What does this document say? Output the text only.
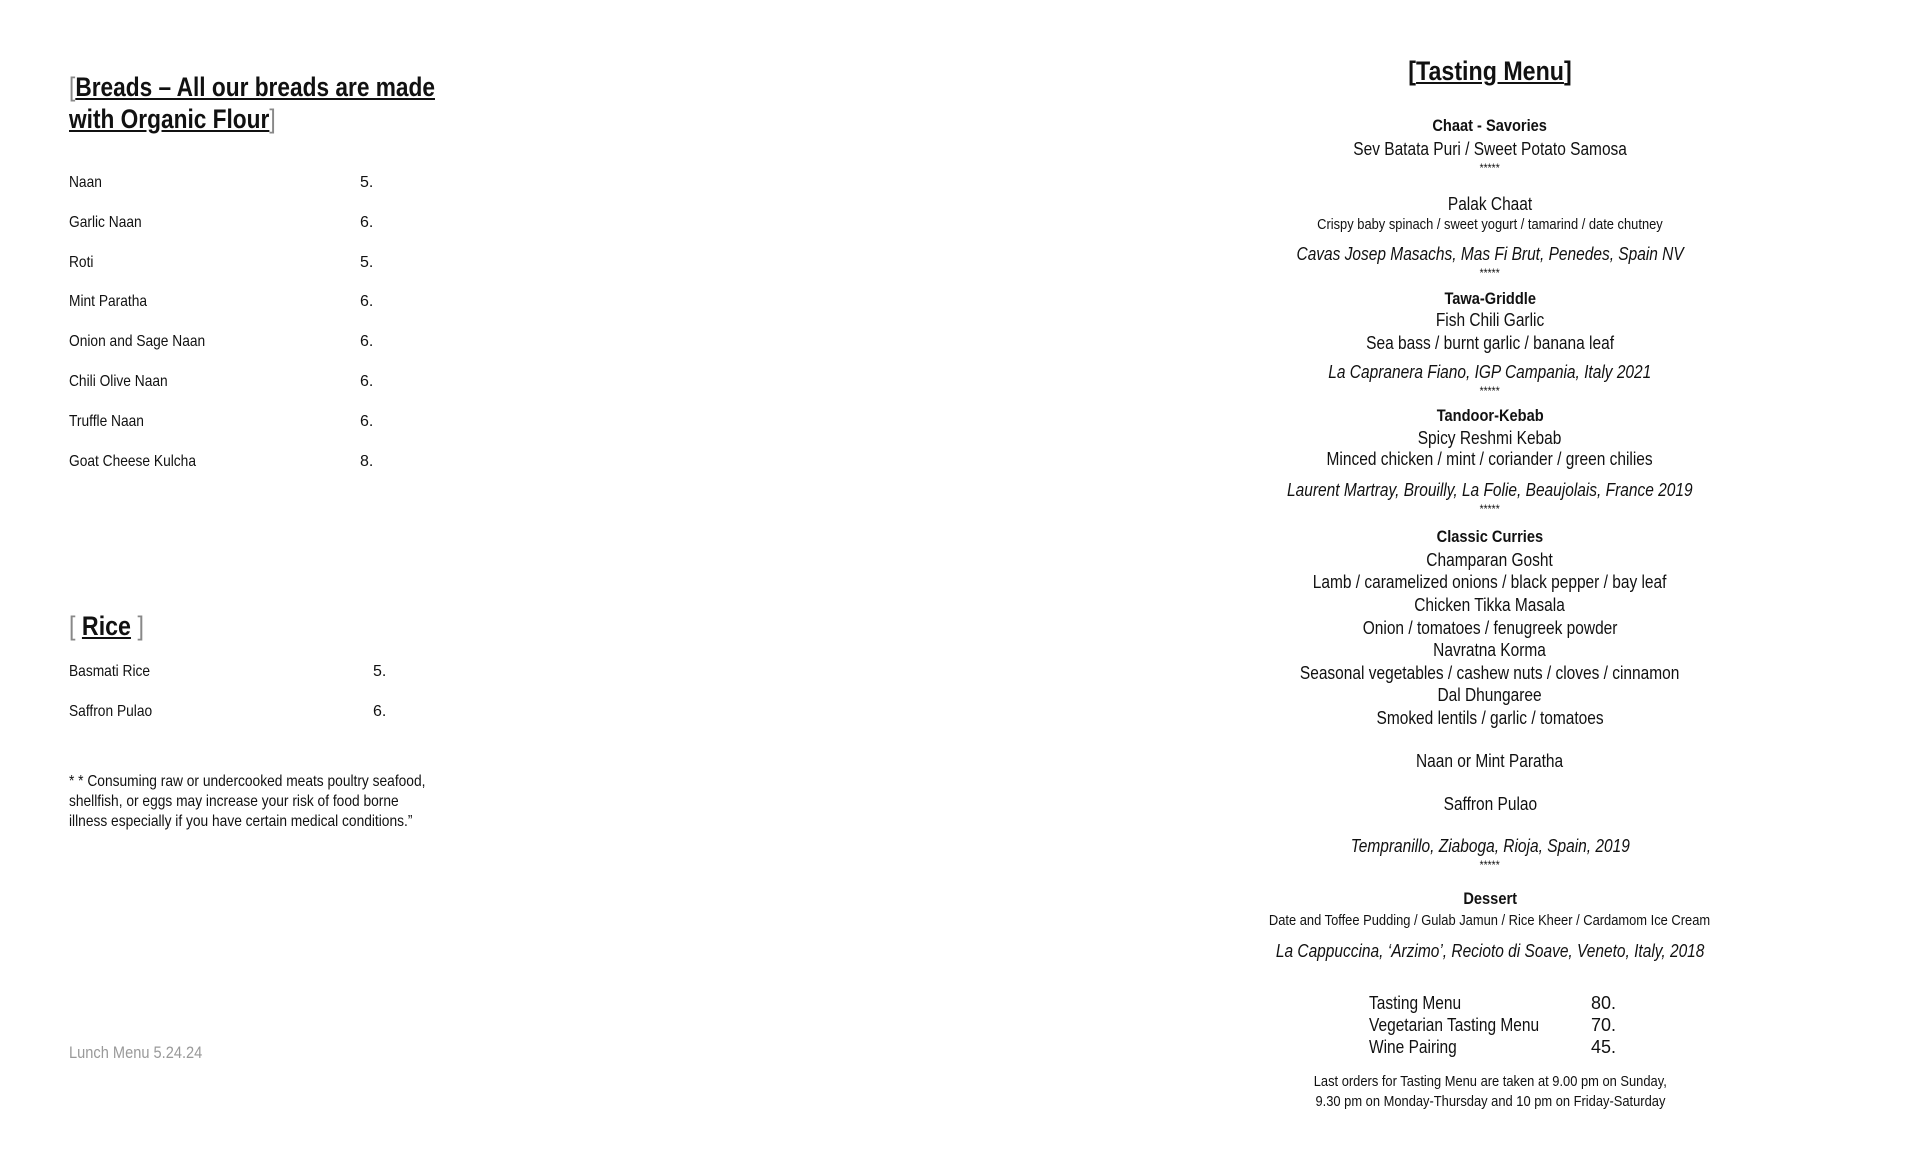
[Breads – All our breads are made
with Organic Flour]
Naan	5.
Garlic Naan	6.
Roti	5.
Mint Paratha	6.
Onion and Sage Naan	6.
Chili Olive Naan	6.
Truffle Naan	6.
Goat Cheese Kulcha	8.
[ Rice ]
Basmati Rice	5.
Saffron Pulao	6.
* * Consuming raw or undercooked meats poultry seafood,
shellfish, or eggs may increase your risk of food borne
illness especially if you have certain medical conditions.”
Lunch Menu 5.24.24
[Tasting Menu]
Chaat - Savories
Sev Batata Puri / Sweet Potato Samosa
*****
Palak Chaat
Crispy baby spinach / sweet yogurt / tamarind / date chutney
Cavas Josep Masachs, Mas Fi Brut, Penedes, Spain NV
*****
Tawa-Griddle
Fish Chili Garlic
Sea bass / burnt garlic / banana leaf
La Capranera Fiano, IGP Campania, Italy 2021
*****
Tandoor-Kebab
Spicy Reshmi Kebab
Minced chicken / mint / coriander / green chilies
Laurent Martray, Brouilly, La Folie, Beaujolais, France 2019
*****
Classic Curries
Champaran Gosht
Lamb / caramelized onions / black pepper / bay leaf
Chicken Tikka Masala
Onion / tomatoes / fenugreek powder
Navratna Korma
Seasonal vegetables / cashew nuts / cloves / cinnamon
Dal Dhungaree
Smoked lentils / garlic / tomatoes
Naan or Mint Paratha
Saffron Pulao
Tempranillo, Ziaboga, Rioja, Spain, 2019
*****
Dessert
Date and Toffee Pudding / Gulab Jamun / Rice Kheer / Cardamom Ice Cream
La Cappuccina, ‘Arzimo’, Recioto di Soave, Veneto, Italy, 2018
Last orders for Tasting Menu are taken at 9.00 pm on Sunday,
9.30 pm on Monday-Thursday and 10 pm on Friday-Saturday
Tasting Menu	80.
Vegetarian Tasting Menu	70.
Wine Pairing	45.
